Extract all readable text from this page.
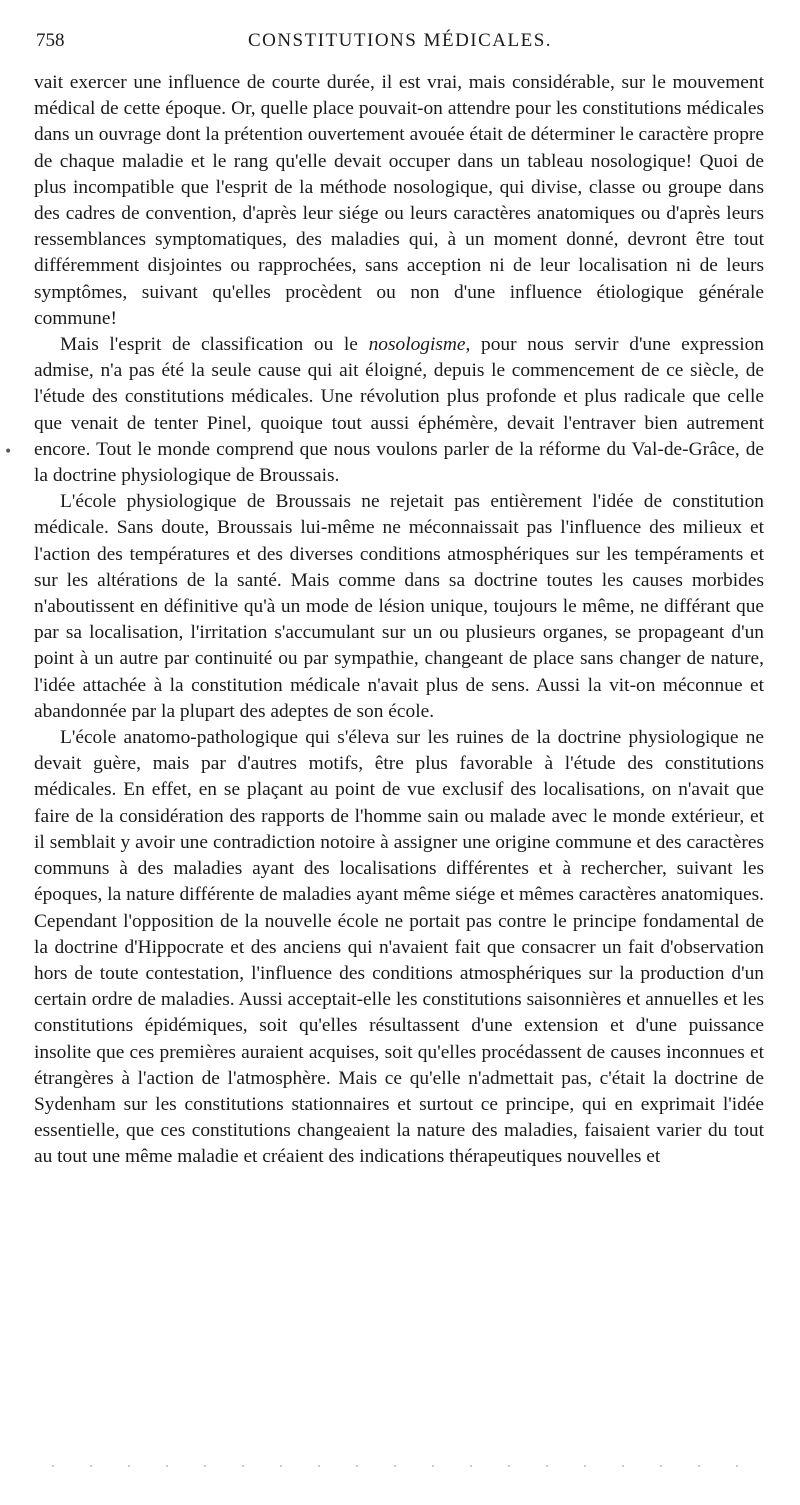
758	CONSTITUTIONS MÉDICALES.
•

vait exercer une influence de courte durée, il est vrai, mais considérable, sur le mouvement médical de cette époque. Or, quelle place pouvait-on attendre pour les constitutions médicales dans un ouvrage dont la prétention ouvertement avouée était de déterminer le caractère propre de chaque maladie et le rang qu'elle devait occuper dans un tableau nosologique! Quoi de plus incompatible que l'esprit de la méthode nosologique, qui divise, classe ou groupe dans des cadres de convention, d'après leur siége ou leurs caractères anatomiques ou d'après leurs ressemblances symptomatiques, des maladies qui, à un moment donné, devront être tout différemment disjointes ou rapprochées, sans acception ni de leur localisation ni de leurs symptômes, suivant qu'elles procèdent ou non d'une influence étiologique générale commune!

Mais l'esprit de classification ou le nosologisme, pour nous servir d'une expression admise, n'a pas été la seule cause qui ait éloigné, depuis le commencement de ce siècle, de l'étude des constitutions médicales. Une révolution plus profonde et plus radicale que celle que venait de tenter Pinel, quoique tout aussi éphémère, devait l'entraver bien autrement encore. Tout le monde comprend que nous voulons parler de la réforme du Val-de-Grâce, de la doctrine physiologique de Broussais.

L'école physiologique de Broussais ne rejetait pas entièrement l'idée de constitution médicale. Sans doute, Broussais lui-même ne méconnaissait pas l'influence des milieux et l'action des températures et des diverses conditions atmosphériques sur les tempéraments et sur les altérations de la santé. Mais comme dans sa doctrine toutes les causes morbides n'aboutissent en définitive qu'à un mode de lésion unique, toujours le même, ne différant que par sa localisation, l'irritation s'accumulant sur un ou plusieurs organes, se propageant d'un point à un autre par continuité ou par sympathie, changeant de place sans changer de nature, l'idée attachée à la constitution médicale n'avait plus de sens. Aussi la vit-on méconnue et abandonnée par la plupart des adeptes de son école.

L'école anatomo-pathologique qui s'éleva sur les ruines de la doctrine physiologique ne devait guère, mais par d'autres motifs, être plus favorable à l'étude des constitutions médicales. En effet, en se plaçant au point de vue exclusif des localisations, on n'avait que faire de la considération des rapports de l'homme sain ou malade avec le monde extérieur, et il semblait y avoir une contradiction notoire à assigner une origine commune et des caractères communs à des maladies ayant des localisations différentes et à rechercher, suivant les époques, la nature différente de maladies ayant même siége et mêmes caractères anatomiques. Cependant l'opposition de la nouvelle école ne portait pas contre le principe fondamental de la doctrine d'Hippocrate et des anciens qui n'avaient fait que consacrer un fait d'observation hors de toute contestation, l'influence des conditions atmosphériques sur la production d'un certain ordre de maladies. Aussi acceptait-elle les constitutions saisonnières et annuelles et les constitutions épidémiques, soit qu'elles résultassent d'une extension et d'une puissance insolite que ces premières auraient acquises, soit qu'elles procédassent de causes inconnues et étrangères à l'action de l'atmosphère. Mais ce qu'elle n'admettait pas, c'était la doctrine de Sydenham sur les constitutions stationnaires et surtout ce principe, qui en exprimait l'idée essentielle, que ces constitutions changeaient la nature des maladies, faisaient varier du tout au tout une même maladie et créaient des indications thérapeutiques nouvelles et
